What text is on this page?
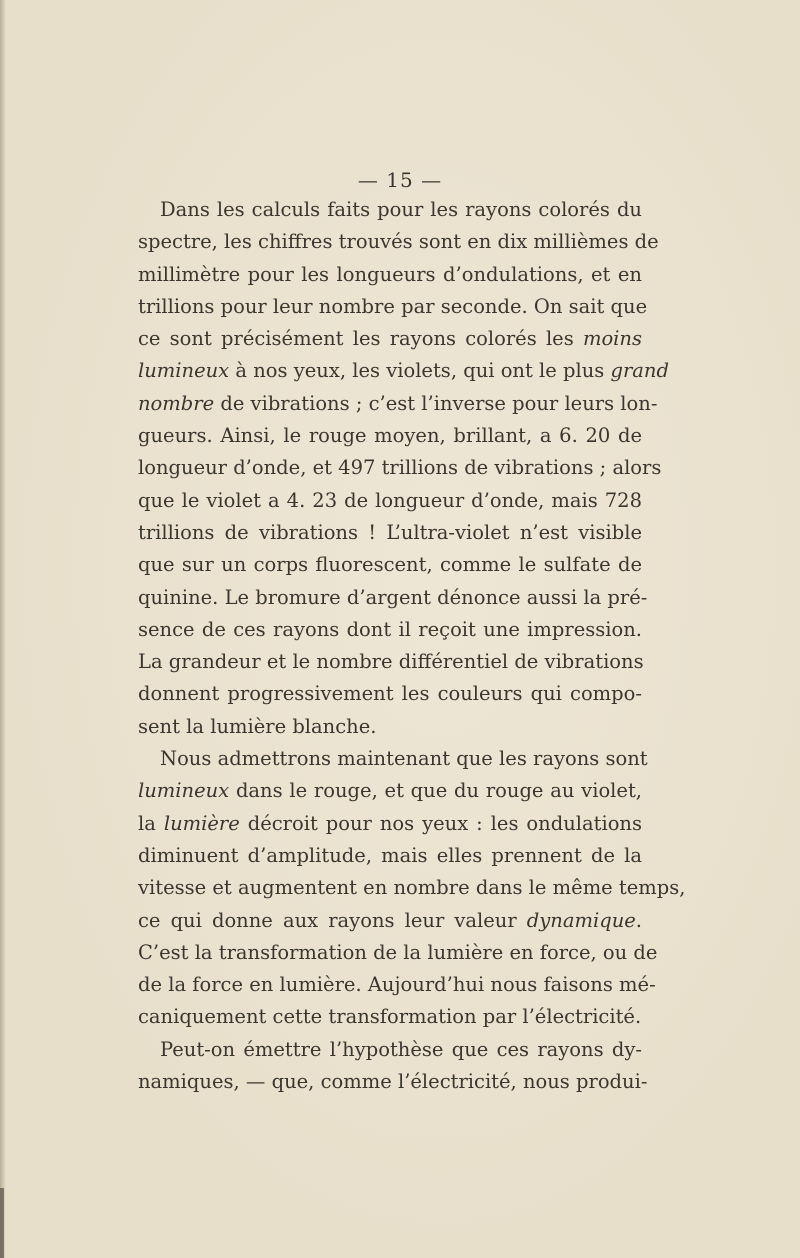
— 15 —
Dans les calculs faits pour les rayons colorés du
spectre, les chiffres trouvés sont en dix millièmes de
millimètre pour les longueurs d’ondulations, et en
trillions pour leur nombre par seconde. On sait que
ce sont précisément les rayons colorés les moins
lumineux à nos yeux, les violets, qui ont le plus grand
nombre de vibrations ; c’est l’inverse pour leurs lon-
gueurs. Ainsi, le rouge moyen, brillant, a 6. 20 de
longueur d’onde, et 497 trillions de vibrations ; alors
que le violet a 4. 23 de longueur d’onde, mais 728
trillions de vibrations ! L’ultra-violet n’est visible
que sur un corps fluorescent, comme le sulfate de
quinine. Le bromure d’argent dénonce aussi la pré-
sence de ces rayons dont il reçoit une impression.
La grandeur et le nombre différentiel de vibrations
donnent progressivement les couleurs qui compo-
sent la lumière blanche.
Nous admettrons maintenant que les rayons sont
lumineux dans le rouge, et que du rouge au violet,
la lumière décroit pour nos yeux : les ondulations
diminuent d’amplitude, mais elles prennent de la
vitesse et augmentent en nombre dans le même temps,
ce qui donne aux rayons leur valeur dynamique.
C’est la transformation de la lumière en force, ou de
de la force en lumière. Aujourd’hui nous faisons mé-
caniquement cette transformation par l’électricité.
Peut-on émettre l’hypothèse que ces rayons dy-
namiques, — que, comme l’électricité, nous produi-
